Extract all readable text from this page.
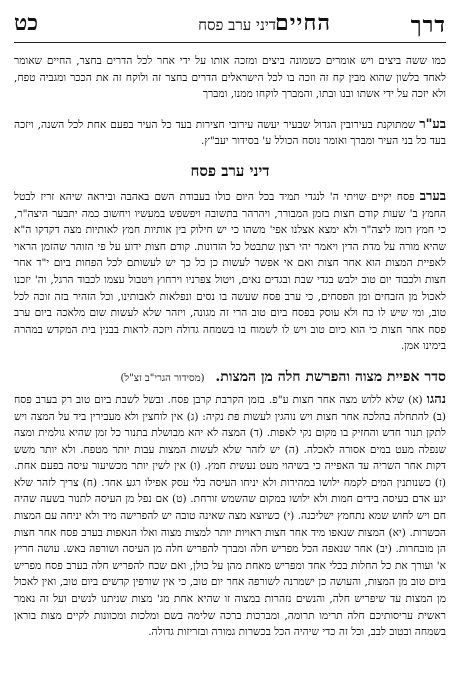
דרך
דיני ערב פסח החיים
כט

כמו ששה ביצים ויש אומרים כשמונה ביצים ומזכה אותו על ידי אחר לכל הדרים בחצר, החיים שאומר לאחד בלשון שהוא מבין קח זה וזכה בו לכל הישראלים הדרים בחצר זה ולוקח זה את הככר ומגביה טפח, ולא יזכה על ידי אשתו ובנו ובתו, והמברך לוקחו ממנו, ומברך

בע"ר שמתוקנת בעירובין הגדול שבעיר יעשה עירובי חצירות בעד כל העיר בפעם אחת לכל השנה, ויזכה בעד כל בני העיר ומברך ואומר נוסח הכולל ע' בסידור יעב"ץ.

דיני ערב פסח

בערב פסח יקיים שויתי ה' לנגדי תמיד בכל היום כולו בעבודת השם באהבה וביראה שיהא זריז לבטל החמץ ב' שעות קודם חצות בזמן המבורר, ויהרהר בתשובה ויפשפש במעשיו ויחשוב כמה יתבער היצה"ר, כי חמץ רומז ליצה"ר ולא ימצא אצלנו אפי' משהו כי יש חילוק בין אותיות חמץ לאותיות מצה דקדקו ה"א שהיא מורה על מדת הדין ויאמר יהי רצון שתבטל כל הזדונות. קודם חצות ידוע על פי הזוהר שהזמן הראוי לאפיית המצות הוא אחר חצות ואם אי אפשר לעשות כן כל כך יש לעשותם לכל הפחות ביום י"ד אחר חצות ולכבוד יום טוב ילבש בגדי שבת ובגדים נאים, ויטול צפרניו וירחוץ ויטבול עצמו לכבוד הרגל, וה' יזכנו לאכול מן הזבחים ומן הפסחים, כי ערב פסח שעשה בו נסים ונפלאות לאבותינו, וכל הזהיר בזה זוכה לכל טוב, ומי שיש לו כח ולא עוסק בפסח ביום טוב הרי זה מגונה, ויזהר שלא לעשות שום מלאכה ביום ערב פסח אחר חצות כי הוא כיום טוב ויש לו לשמוח בו בשמחה גדולה ויזכה לראות בבנין בית המקדש במהרה בימינו אמן.

סדר אפיית מצוה והפרשת חלה מן המצות. (מסידור הגרי"ב זצ"ל)

נהגו (א) שלא ללוש מצה אחר חצות ע"פ. בזמן הקרבת קרבן פסח. ובשל לשבת ביום טוב רק בערב פסח (ב) להתחלה בהלכה אחר חצות ויש נוהגין לעשות פת נקיה: (ג) אין לוחצין ולא מעבירין ביד על המצה ויש לתקן תנור חדש והחזיק בו מקום נקי לאפות. (ד) המצה לא יהא מבושלת בתנור כל זמן שהיא גולמית ומצה שנפלה מעט במים אסורה לאכלה. (ה) יש לזהר שלא לעשות המצות עבות יותר מטפח. ולא יותר משש דקות אחר השריה עד האפייה כי בשיהוי מעט נעשית חמץ. (ו) אין לשין יותר מכשיעור עיסה בפעם אחת. (ז) כשנותנין המים לקמח ילושו במהירות ולא יניחו העיסה בלי עסק אפילו רגע אחד. (ח) צריך לזהר שלא יגע אדם בעיסה בידים חמות ולא ילושו במקום שהשמש זורחת. (ט) אם נפל מן העיסה לתנור בשעה שהיה חם ויש לחוש שמא נתחמץ ישליכנה. (י) כשיוצא מצה שאינה טובה יש להפרישה מיד ולא יניחה עם המצות הכשרות. (יא) המצות שנאפו מיד אחר חצות ראויות יותר למצות מצוה ואלו הנאפות בערב פסח אחר חצות הן מובחרות. (יב) אחר שנאפה הכל מפריש חלה ומברך להפריש חלה מן העיסה ושורפה באש. עושה חריץ א' ועורך את כל החלות בכלי אחד ומפריש מאחת מהן על כולן, ואם שכח להפריש חלה בערב פסח מפריש ביום טוב מן המצות, והעושה כן ישמרנה לשורפה אחר יום טוב, כי אין שורפין קדשים ביום טוב, ואין לאכול מן המצות עד שיפריש חלה, והנשים נזהרות במצוה זו שהיא אחת מג' מצות שניתנו לנשים ועל זה נאמר ראשית עריסותיכם חלה תרימו תרומה, ומברכות ברכה שלימה בשם ומלכות ומכוונות לקיים מצות בוראן בשמחה ובטוב לבב, וכל זה כדי שיהיה הכל בכשרות גמורה ובזריזות גדולה.
